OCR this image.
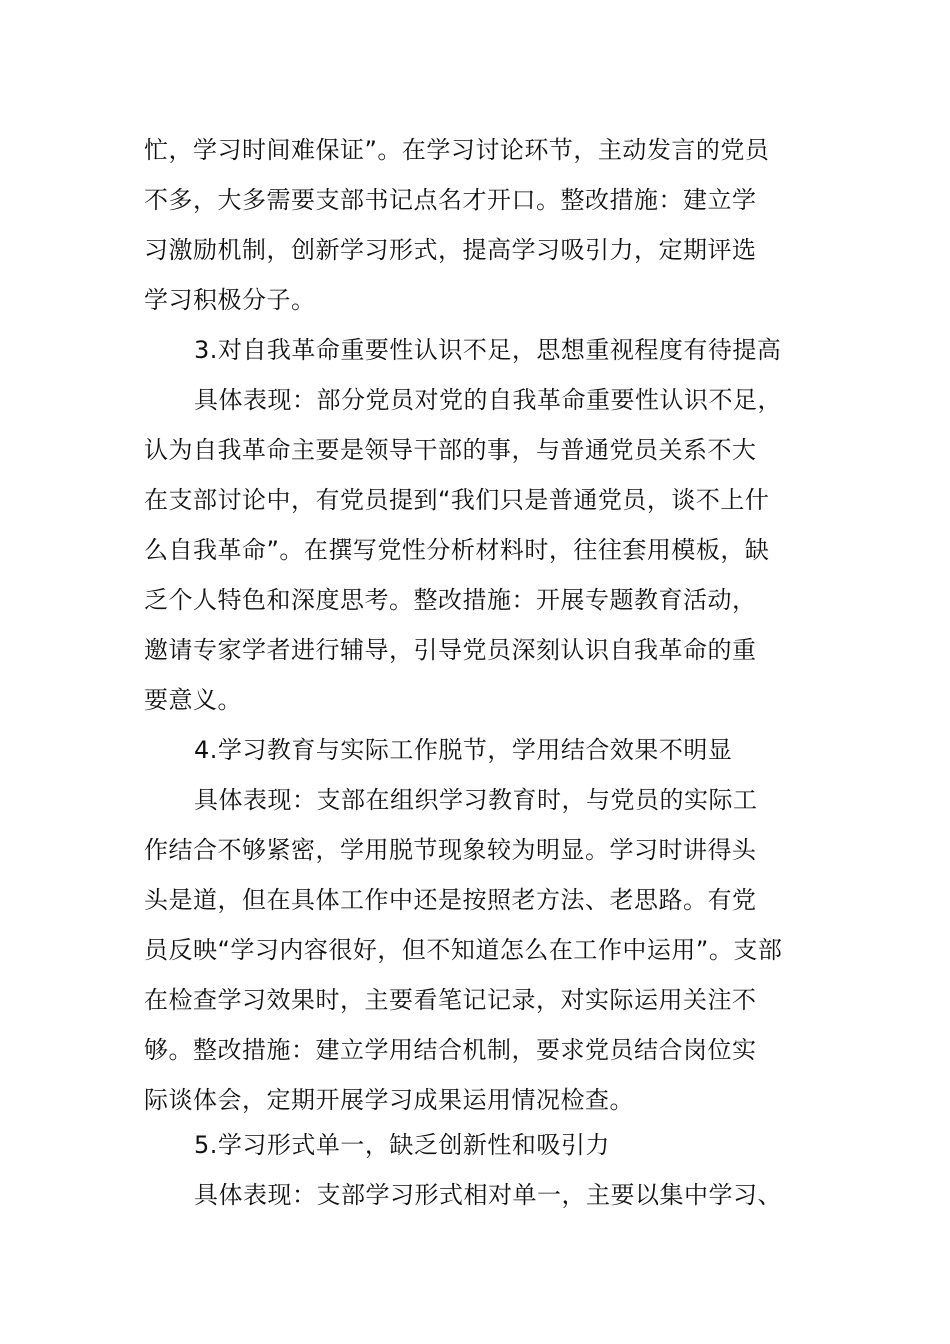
忙，学习时间难保证”。在学习讨论环节，主动发言的党员
不多，大多需要支部书记点名才开口。整改措施：建立学
习激励机制，创新学习形式，提高学习吸引力，定期评选
学习积极分子。
3.对自我革命重要性认识不足，思想重视程度有待提高
具体表现：部分党员对党的自我革命重要性认识不足，
认为自我革命主要是领导干部的事，与普通党员关系不大
在支部讨论中，有党员提到“我们只是普通党员，谈不上什
么自我革命”。在撰写党性分析材料时，往往套用模板，缺
乏个人特色和深度思考。整改措施：开展专题教育活动，
邀请专家学者进行辅导，引导党员深刻认识自我革命的重
要意义。
4.学习教育与实际工作脱节，学用结合效果不明显
具体表现：支部在组织学习教育时，与党员的实际工
作结合不够紧密，学用脱节现象较为明显。学习时讲得头
头是道，但在具体工作中还是按照老方法、老思路。有党
员反映“学习内容很好，但不知道怎么在工作中运用”。支部
在检查学习效果时，主要看笔记记录，对实际运用关注不
够。整改措施：建立学用结合机制，要求党员结合岗位实
际谈体会，定期开展学习成果运用情况检查。
5.学习形式单一，缺乏创新性和吸引力
具体表现：支部学习形式相对单一，主要以集中学习、
